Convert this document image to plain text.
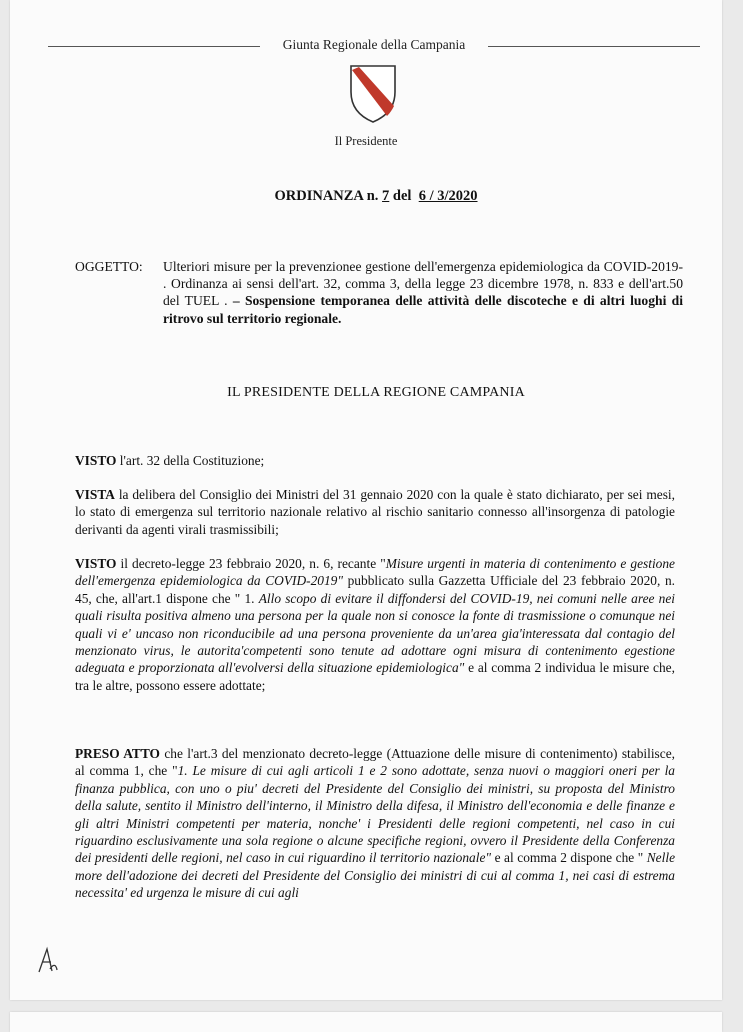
Giunta Regionale della Campania
Il Presidente
ORDINANZA n. 7 del 6 / 3/2020
OGGETTO: Ulteriori misure per la prevenzionee gestione dell'emergenza epidemiologica da COVID-2019- . Ordinanza ai sensi dell'art. 32, comma 3, della legge 23 dicembre 1978, n. 833 e dell'art.50 del TUEL . – Sospensione temporanea delle attività delle discoteche e di altri luoghi di ritrovo sul territorio regionale.
IL PRESIDENTE DELLA REGIONE CAMPANIA
VISTO l'art. 32 della Costituzione;
VISTA la delibera del Consiglio dei Ministri del 31 gennaio 2020 con la quale è stato dichiarato, per sei mesi, lo stato di emergenza sul territorio nazionale relativo al rischio sanitario connesso all'insorgenza di patologie derivanti da agenti virali trasmissibili;
VISTO il decreto-legge 23 febbraio 2020, n. 6, recante "Misure urgenti in materia di contenimento e gestione dell'emergenza epidemiologica da COVID-2019" pubblicato sulla Gazzetta Ufficiale del 23 febbraio 2020, n. 45, che, all'art.1 dispone che " 1. Allo scopo di evitare il diffondersi del COVID-19, nei comuni nelle aree nei quali risulta positiva almeno una persona per la quale non si conosce la fonte di trasmissione o comunque nei quali vi e' uncaso non riconducibile ad una persona proveniente da un'area gia'interessata dal contagio del menzionato virus, le autorita'competenti sono tenute ad adottare ogni misura di contenimento egestione adeguata e proporzionata all'evolversi della situazione epidemiologica" e al comma 2 individua le misure che, tra le altre, possono essere adottate;
PRESO ATTO che l'art.3 del menzionato decreto-legge (Attuazione delle misure di contenimento) stabilisce, al comma 1, che "1. Le misure di cui agli articoli 1 e 2 sono adottate, senza nuovi o maggiori oneri per la finanza pubblica, con uno o piu' decreti del Presidente del Consiglio dei ministri, su proposta del Ministro della salute, sentito il Ministro dell'interno, il Ministro della difesa, il Ministro dell'economia e delle finanze e gli altri Ministri competenti per materia, nonche' i Presidenti delle regioni competenti, nel caso in cui riguardino esclusivamente una sola regione o alcune specifiche regioni, ovvero il Presidente della Conferenza dei presidenti delle regioni, nel caso in cui riguardino il territorio nazionale" e al comma 2 dispone che " Nelle more dell'adozione dei decreti del Presidente del Consiglio dei ministri di cui al comma 1, nei casi di estrema necessita' ed urgenza le misure di cui agli
